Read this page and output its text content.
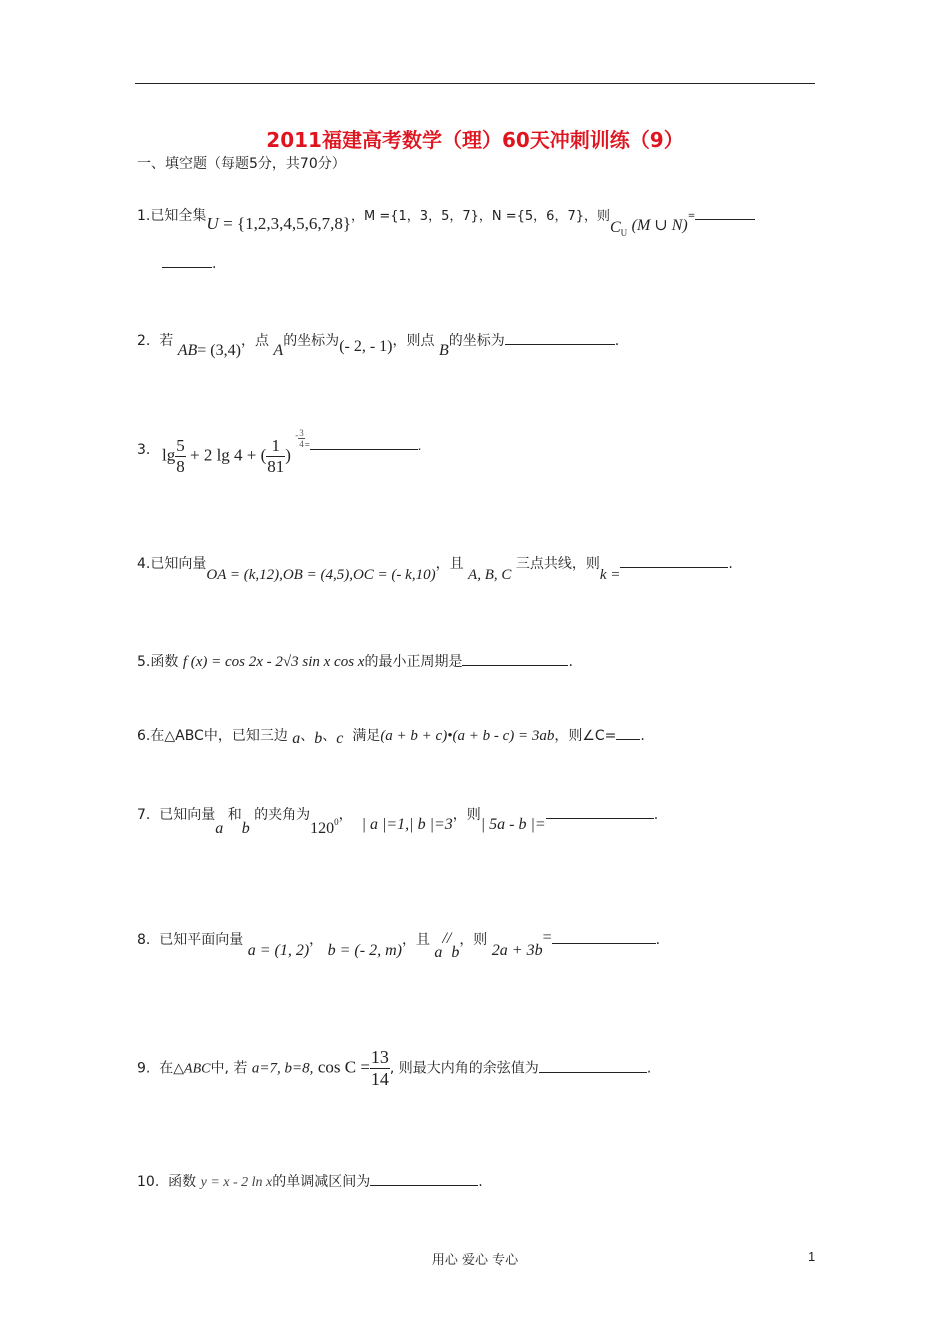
2011福建高考数学（理）60天冲刺训练（9）
一、填空题（每题5分，共70分）
1.已知全集U = {1,2,3,4,5,6,7,8}，M ={1，3，5，7}，N ={5，6，7}，则$C_U$ (M ∪ N)=
.
2. 若 AB= (3,4)，点 A的坐标为(- 2, - 1)，则点 B的坐标为	.
3. $\lg \frac{5}{8} + 2$ lg 4 + ( $\frac{1}{81}$ ) $^- \frac{3}{4} ^=$	.
4.已知向量OA = (k,12),OB = (4,5),OC = (- k,10)，且 A, B, C 三点共线，则k =.
5.函数 f (x) = cos 2x - 2√3 sin x cos x的最小正周期是	.
6.在△ABC中，已知三边 a、b、c 满足(a + b + c)•(a + b - c) = 3ab，则∠C= .
7. 已知向量a 和b 的夹角为$120_0$，  | a |=1,| b |=3，则| 5a - b |=.
8. 已知平面向量 a = (1, 2)， b = (- 2, m)，且 a//b，则 2a + 3b=	.
9. 在△ABC中, 若 a=7, b=8, $\cos C = \frac{13}{14}$ , 则最大内角的余弦值为	.
10. 函数 y = x - 2 ln x的单调减区间为	.
用心 爱心 专心	1
